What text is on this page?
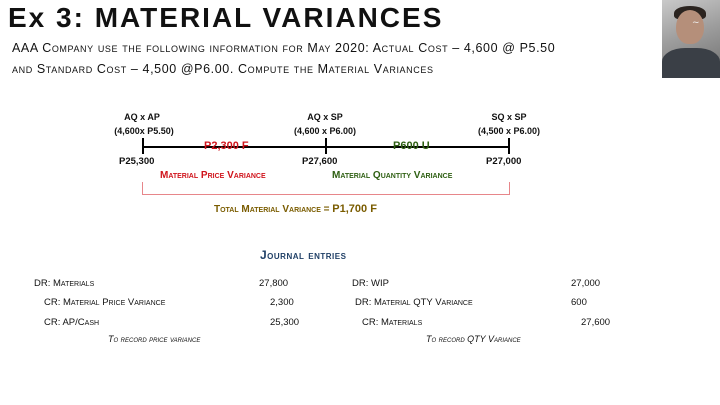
Ex 3: MATERIAL VARIANCES
AAA Company use the following information for May 2020: Actual Cost – 4,600 @ P5.50
and Standard Cost – 4,500 @P6.00. Compute the Material Variances
~
AQ x AP	AQ x SP	SQ x SP
(4,600x P5.50)	(4,600 x P6.00)	(4,500 x P6.00)
P2,300 F	P600 U
P25,300	P27,600	P27,000
Material Price Variance	Material Quantity Variance
Total Material Variance = P1,700 F
Journal entries
DR: Materials	27,800
CR: Material Price Variance	2,300
CR: AP/Cash	25,300
To record price variance
DR: WIP	27,000
DR: Material QTY Variance	600
CR: Materials	27,600
To record QTY Variance
